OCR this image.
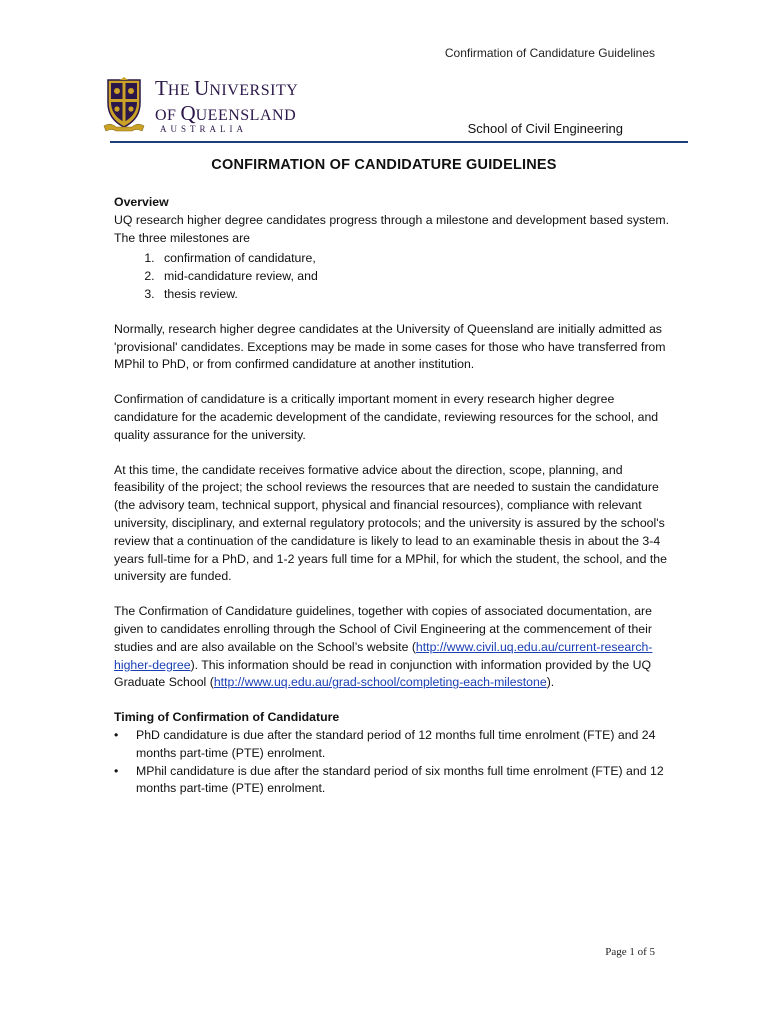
Confirmation of Candidature Guidelines
THE UNIVERSITY
OF QUEENSLAND
AUSTRALIA	School of Civil Engineering
CONFIRMATION OF CANDIDATURE GUIDELINES
Overview

UQ research higher degree candidates progress through a milestone and development based system. The three milestones are

1. confirmation of candidature,
2. mid-candidature review, and
3. thesis review.

Normally, research higher degree candidates at the University of Queensland are initially admitted as 'provisional' candidates. Exceptions may be made in some cases for those who have transferred from MPhil to PhD, or from confirmed candidature at another institution.

Confirmation of candidature is a critically important moment in every research higher degree candidature for the academic development of the candidate, reviewing resources for the school, and quality assurance for the university.

At this time, the candidate receives formative advice about the direction, scope, planning, and feasibility of the project; the school reviews the resources that are needed to sustain the candidature (the advisory team, technical support, physical and financial resources), compliance with relevant university, disciplinary, and external regulatory protocols; and the university is assured by the school's review that a continuation of the candidature is likely to lead to an examinable thesis in about the 3-4 years full-time for a PhD, and 1-2 years full time for a MPhil, for which the student, the school, and the university are funded.

The Confirmation of Candidature guidelines, together with copies of associated documentation, are given to candidates enrolling through the School of Civil Engineering at the commencement of their studies and are also available on the School’s website (http://www.civil.uq.edu.au/current-research-higher-degree). This information should be read in conjunction with information provided by the UQ Graduate School (http://www.uq.edu.au/grad-school/completing-each-milestone).

Timing of Confirmation of Candidature
• PhD candidature is due after the standard period of 12 months full time enrolment (FTE) and 24 months part-time (PTE) enrolment.
• MPhil candidature is due after the standard period of six months full time enrolment (FTE) and 12 months part-time (PTE) enrolment.
Page 1 of 5
